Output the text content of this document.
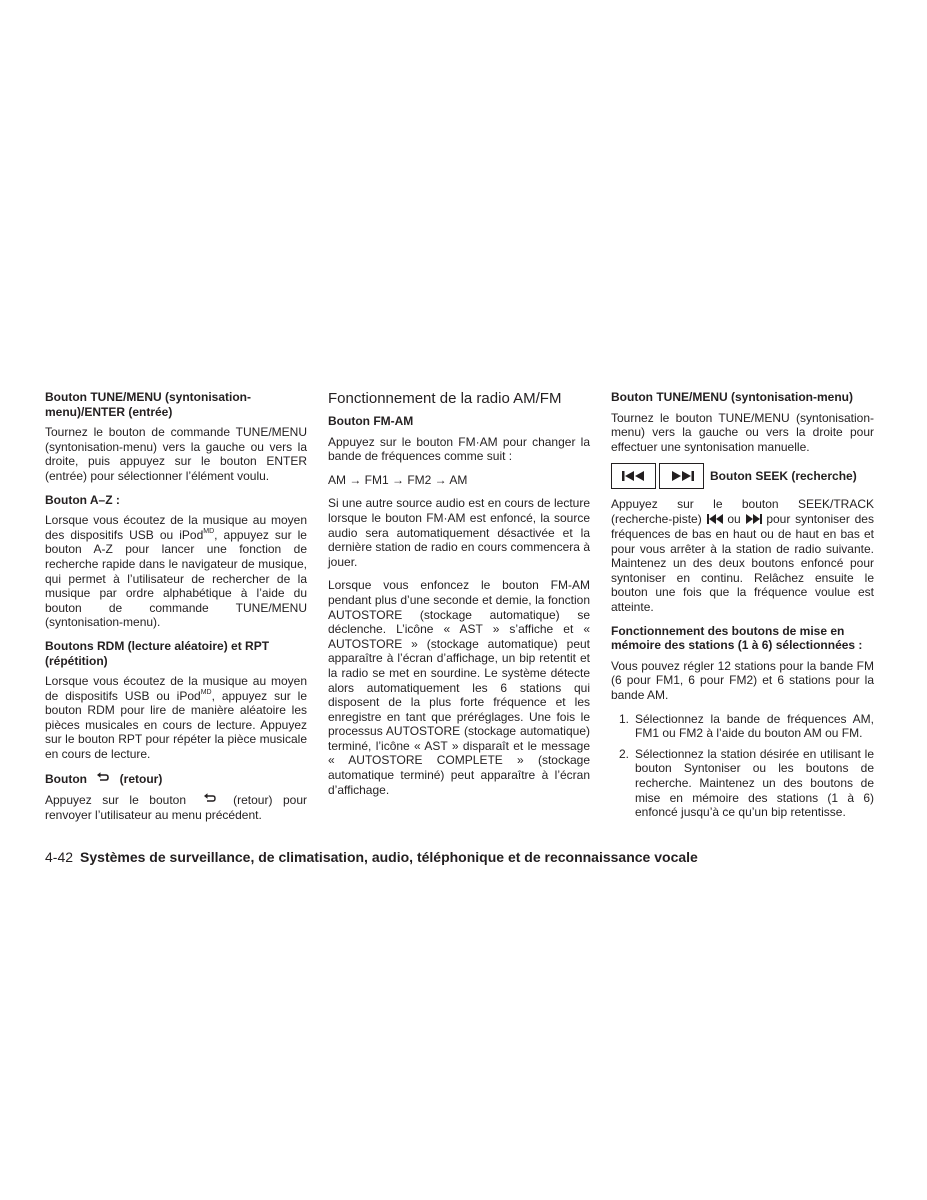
Bouton TUNE/MENU (syntonisation-menu)/ENTER (entrée)

Tournez le bouton de commande TUNE/MENU (syntonisation-menu) vers la gauche ou vers la droite, puis appuyez sur le bouton ENTER (entrée) pour sélectionner l’élément voulu.

Bouton A–Z :

Lorsque vous écoutez de la musique au moyen des dispositifs USB ou iPod$^{MD}$, appuyez sur le bouton A-Z pour lancer une fonction de recherche rapide dans le navigateur de musique, qui permet à l’utilisateur de rechercher de la musique par ordre alphabétique à l’aide du bouton de commande TUNE/MENU (syntonisation-menu).

Boutons RDM (lecture aléatoire) et RPT (répétition)

Lorsque vous écoutez de la musique au moyen de dispositifs USB ou iPod$^{MD}$, appuyez sur le bouton RDM pour lire de manière aléatoire les pièces musicales en cours de lecture. Appuyez sur le bouton RPT pour répéter la pièce musicale en cours de lecture.

Bouton	(retour)

Appuyez sur le bouton	(retour) pour renvoyer l’utilisateur au menu précédent.

Fonctionnement de la radio AM/FM
Bouton FM-AM

Appuyez sur le bouton FM·AM pour changer la bande de fréquences comme suit :

AM → FM1 → FM2 → AM

Si une autre source audio est en cours de lecture lorsque le bouton FM·AM est enfoncé, la source audio sera automatiquement désactivée et la dernière station de radio en cours commencera à jouer.

Lorsque vous enfoncez le bouton FM-AM pendant plus d’une seconde et demie, la fonction AUTOSTORE (stockage automatique) se déclenche. L’icône « AST » s’affiche et « AUTOSTORE » (stockage automatique) peut apparaître à l’écran d’affichage, un bip retentit et la radio se met en sourdine. Le système détecte alors automatiquement les 6 stations qui disposent de la plus forte fréquence et les enregistre en tant que préréglages. Une fois le processus AUTOSTORE (stockage automatique) terminé, l’icône « AST » disparaît et le message « AUTOSTORE COMPLETE » (stockage automatique terminé) peut apparaître à l’écran d’affichage.

Bouton TUNE/MENU (syntonisation-menu)

Tournez le bouton TUNE/MENU (syntonisation-menu) vers la gauche ou vers la droite pour effectuer une syntonisation manuelle.

Bouton SEEK (recherche)

Appuyez sur le bouton SEEK/TRACK (recherche-piste) ou pour syntoniser des fréquences de bas en haut ou de haut en bas et pour vous arrêter à la station de radio suivante. Maintenez un des deux boutons enfoncé pour syntoniser en continu. Relâchez ensuite le bouton une fois que la fréquence voulue est atteinte.

Fonctionnement des boutons de mise en mémoire des stations (1 à 6) sélectionnées :

Vous pouvez régler 12 stations pour la bande FM (6 pour FM1, 6 pour FM2) et 6 stations pour la bande AM.

1. Sélectionnez la bande de fréquences AM, FM1 ou FM2 à l’aide du bouton AM ou FM.
2. Sélectionnez la station désirée en utilisant le bouton Syntoniser ou les boutons de recherche. Maintenez un des boutons de mise en mémoire des stations (1 à 6) enfoncé jusqu’à ce qu’un bip retentisse.
4-42 Systèmes de surveillance, de climatisation, audio, téléphonique et de reconnaissance vocale
